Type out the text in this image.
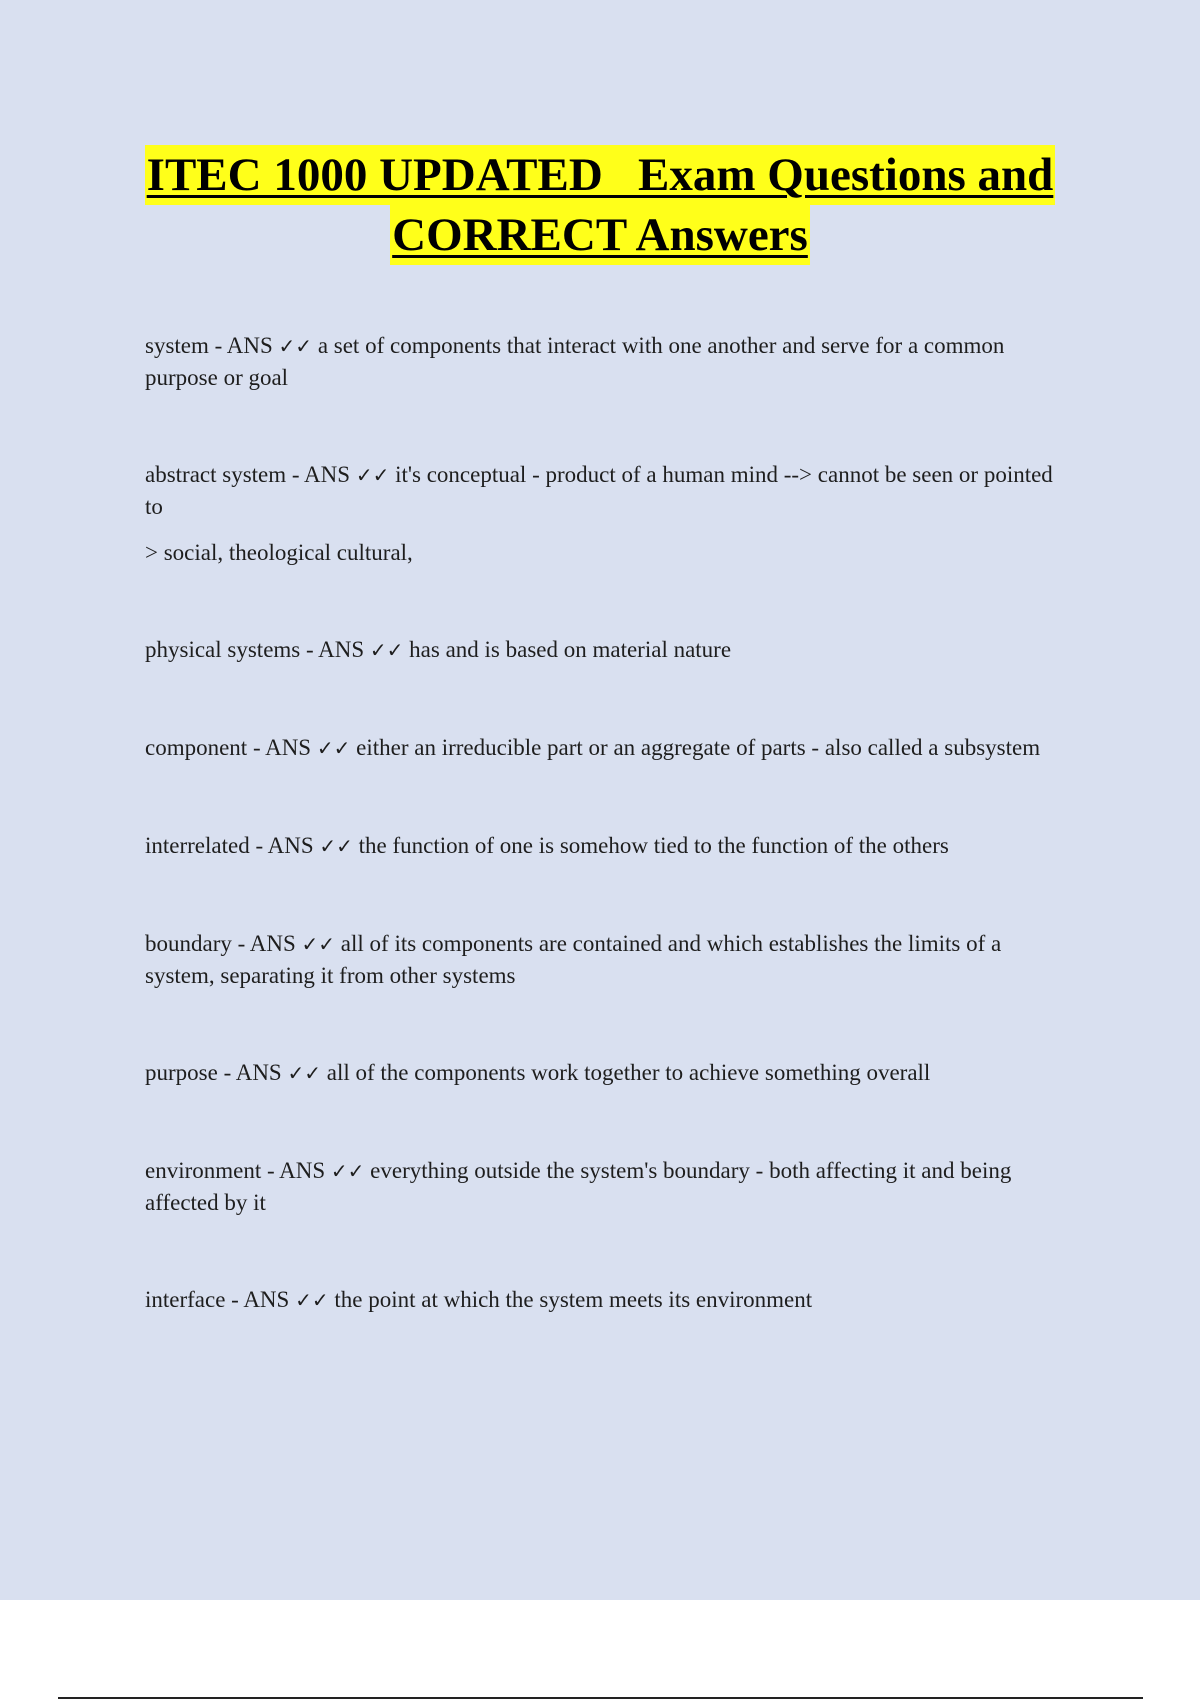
ITEC 1000 UPDATED   Exam Questions and
CORRECT Answers

system - ANS ✓✓ a set of components that interact with one another and serve for a common purpose or goal

abstract system - ANS ✓✓ it's conceptual - product of a human mind --> cannot be seen or pointed to

> social, theological cultural,

physical systems - ANS ✓✓ has and is based on material nature

component - ANS ✓✓ either an irreducible part or an aggregate of parts - also called a subsystem

interrelated - ANS ✓✓ the function of one is somehow tied to the function of the others

boundary - ANS ✓✓ all of its components are contained and which establishes the limits of a system, separating it from other systems

purpose - ANS ✓✓ all of the components work together to achieve something overall

environment - ANS ✓✓ everything outside the system's boundary - both affecting it and being affected by it

interface - ANS ✓✓ the point at which the system meets its environment
